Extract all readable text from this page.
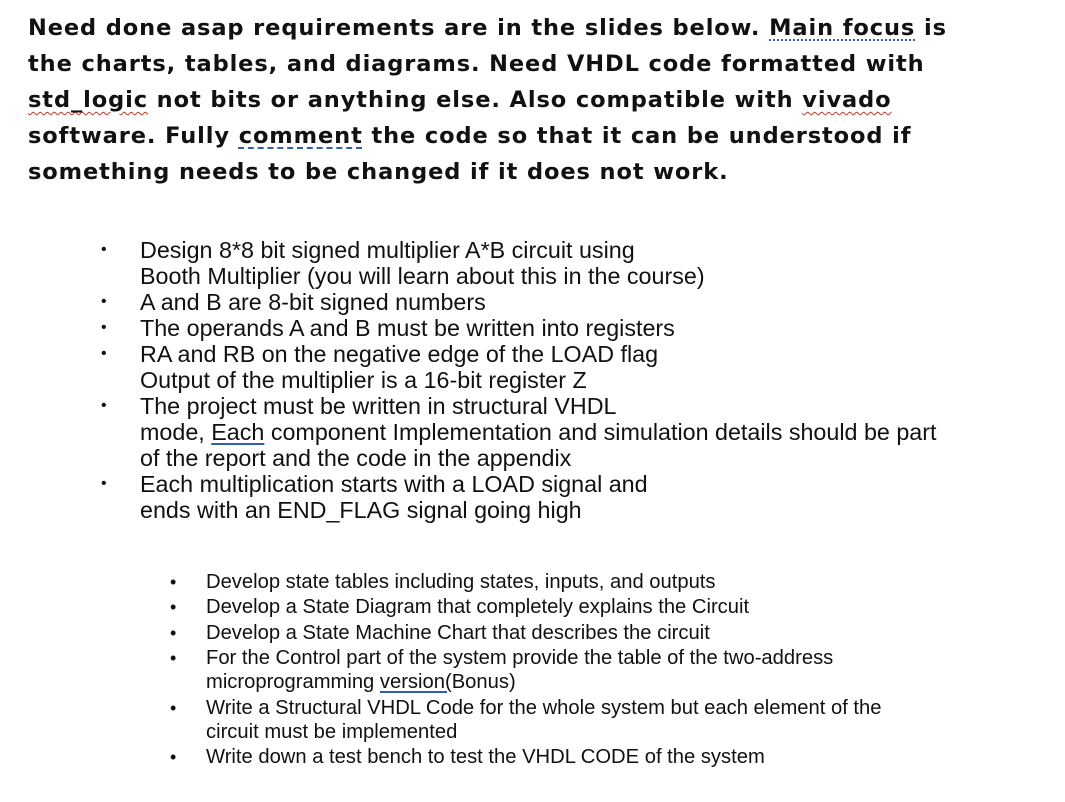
Need done asap requirements are in the slides below. Main focus is
the charts, tables, and diagrams. Need VHDL code formatted with
std_logic not bits or anything else. Also compatible with vivado
software. Fully comment the code so that it can be understood if
something needs to be changed if it does not work.
• Design 8*8 bit signed multiplier A*B circuit using
Booth Multiplier (you will learn about this in the course)
• A and B are 8-bit signed numbers
• The operands A and B must be written into registers
• RA and RB on the negative edge of the LOAD flag
Output of the multiplier is a 16-bit register Z
• The project must be written in structural VHDL
mode, Each component Implementation and simulation details should be part
of the report and the code in the appendix
• Each multiplication starts with a LOAD signal and
ends with an END_FLAG signal going high
• Develop state tables including states, inputs, and outputs
• Develop a State Diagram that completely explains the Circuit
• Develop a State Machine Chart that describes the circuit
• For the Control part of the system provide the table of the two-address
microprogramming version(Bonus)
• Write a Structural VHDL Code for the whole system but each element of the
circuit must be implemented
• Write down a test bench to test the VHDL CODE of the system
